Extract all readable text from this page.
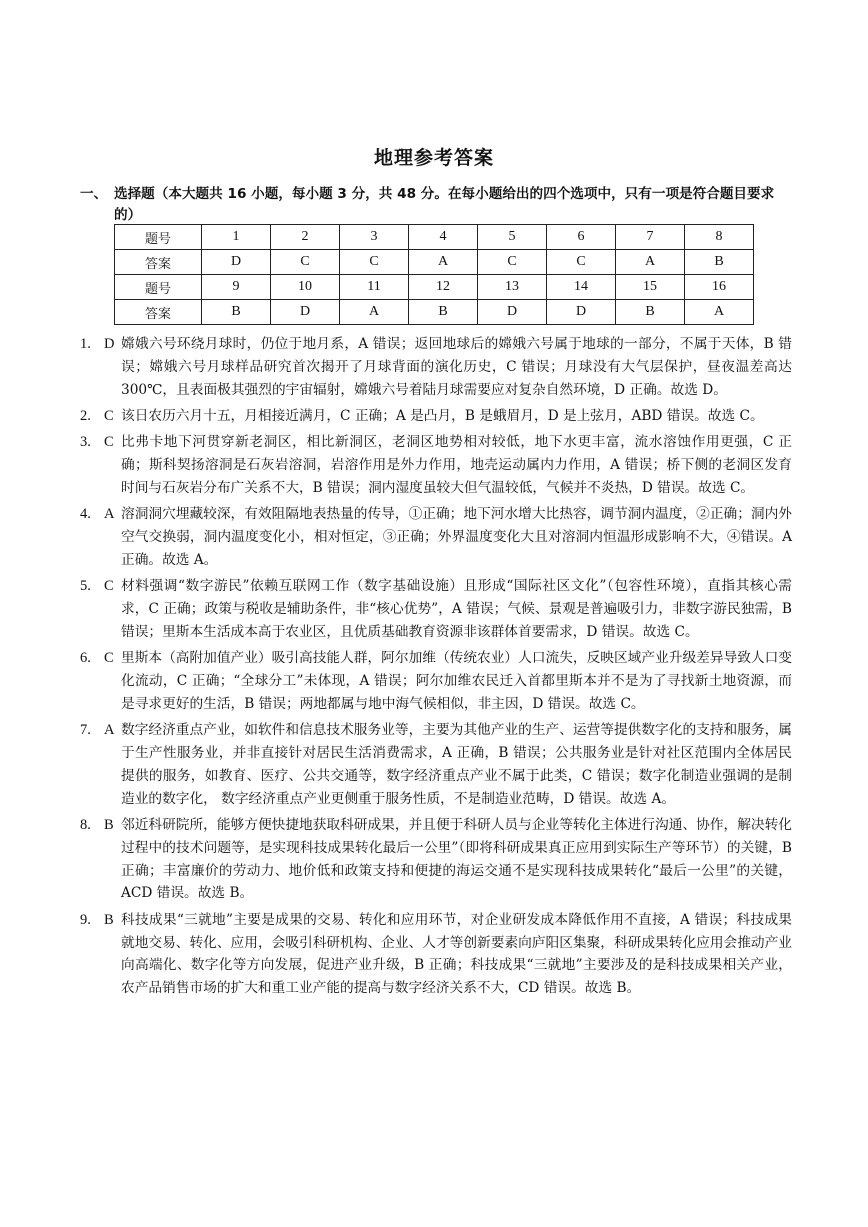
地理参考答案
一、 选择题（本大题共 16 小题，每小题 3 分，共 48 分。在每小题给出的四个选项中，只有一项是符合题目要求的）
题号	1	2	3	4	5	6	7	8
答案	D	C	C	A	C	C	A	B
题号	9	10	11	12	13	14	15	16
答案	B	D	A	B	D	D	B	A
1. D 嫦娥六号环绕月球时，仍位于地月系，A 错误；返回地球后的嫦娥六号属于地球的一部分，不属于天体，B 错误；嫦娥六号月球样品研究首次揭开了月球背面的演化历史，C 错误；月球没有大气层保护，昼夜温差高达 300℃，且表面极其强烈的宇宙辐射，嫦娥六号着陆月球需要应对复杂自然环境，D 正确。故选 D。
2. C 该日农历六月十五，月相接近满月，C 正确；A 是凸月，B 是蛾眉月，D 是上弦月，ABD 错误。故选 C。
3. C 比弗卡地下河贯穿新老洞区，相比新洞区，老洞区地势相对较低，地下水更丰富，流水溶蚀作用更强，C 正确；斯科契扬溶洞是石灰岩溶洞，岩溶作用是外力作用，地壳运动属内力作用，A 错误；桥下侧的老洞区发育时间与石灰岩分布广关系不大，B 错误；洞内湿度虽较大但气温较低，气候并不炎热，D 错误。故选 C。
4. A 溶洞洞穴埋藏较深，有效阻隔地表热量的传导，①正确；地下河水增大比热容，调节洞内温度，②正确；洞内外空气交换弱，洞内温度变化小，相对恒定，③正确；外界温度变化大且对溶洞内恒温形成影响不大，④错误。A 正确。故选 A。
5. C 材料强调“数字游民”依赖互联网工作（数字基础设施）且形成“国际社区文化”（包容性环境），直指其核心需求，C 正确；政策与税收是辅助条件，非“核心优势”，A 错误；气候、景观是普遍吸引力，非数字游民独需，B 错误；里斯本生活成本高于农业区，且优质基础教育资源非该群体首要需求，D 错误。故选 C。
6. C 里斯本（高附加值产业）吸引高技能人群，阿尔加维（传统农业）人口流失，反映区域产业升级差异导致人口变化流动，C 正确；“全球分工”未体现，A 错误；阿尔加维农民迁入首都里斯本并不是为了寻找新土地资源，而是寻求更好的生活，B 错误；两地都属与地中海气候相似，非主因，D 错误。故选 C。
7. A 数字经济重点产业，如软件和信息技术服务业等，主要为其他产业的生产、运营等提供数字化的支持和服务，属于生产性服务业，并非直接针对居民生活消费需求，A 正确，B 错误；公共服务业是针对社区范围内全体居民提供的服务，如教育、医疗、公共交通等，数字经济重点产业不属于此类，C 错误；数字化制造业强调的是制造业的数字化， 数字经济重点产业更侧重于服务性质，不是制造业范畴，D 错误。故选 A。
8. B 邻近科研院所，能够方便快捷地获取科研成果，并且便于科研人员与企业等转化主体进行沟通、协作，解决转化过程中的技术问题等，是实现科技成果转化最后一公里”（即将科研成果真正应用到实际生产等环节）的关键，B 正确；丰富廉价的劳动力、地价低和政策支持和便捷的海运交通不是实现科技成果转化“最后一公里”的关键，ACD 错误。故选 B。
9. B 科技成果“三就地”主要是成果的交易、转化和应用环节，对企业研发成本降低作用不直接，A 错误；科技成果就地交易、转化、应用，会吸引科研机构、企业、人才等创新要素向庐阳区集聚，科研成果转化应用会推动产业向高端化、数字化等方向发展，促进产业升级，B 正确；科技成果“三就地”主要涉及的是科技成果相关产业，农产品销售市场的扩大和重工业产能的提高与数字经济关系不大，CD 错误。故选 B。
